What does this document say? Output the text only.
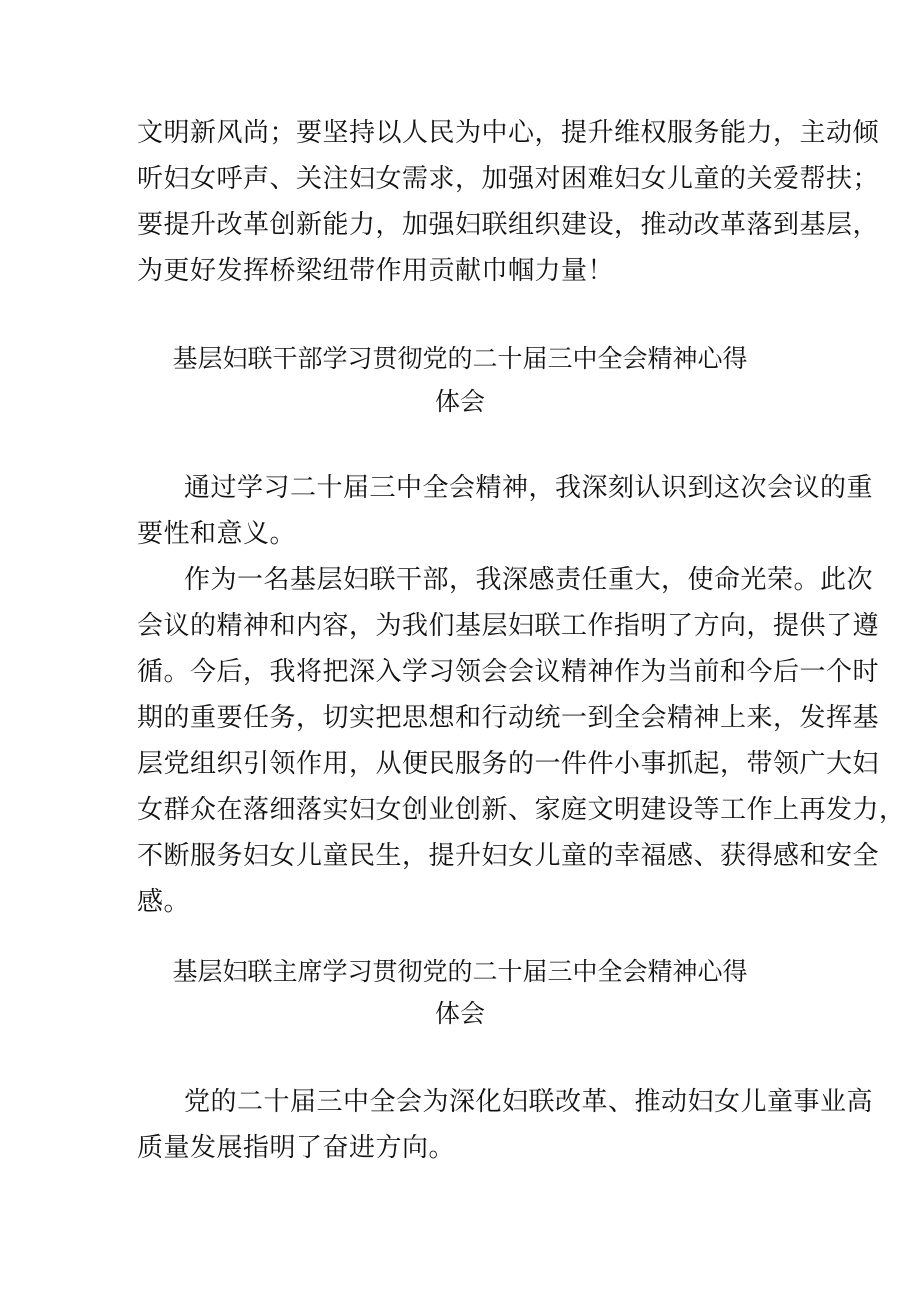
文明新风尚；要坚持以人民为中心，提升维权服务能力，主动倾
听妇女呼声、关注妇女需求，加强对困难妇女儿童的关爱帮扶；
要提升改革创新能力，加强妇联组织建设，推动改革落到基层，
为更好发挥桥梁纽带作用贡献巾帼力量！
基层妇联干部学习贯彻党的二十届三中全会精神心得
体会
通过学习二十届三中全会精神，我深刻认识到这次会议的重
要性和意义。
作为一名基层妇联干部，我深感责任重大，使命光荣。此次
会议的精神和内容，为我们基层妇联工作指明了方向，提供了遵
循。今后，我将把深入学习领会会议精神作为当前和今后一个时
期的重要任务，切实把思想和行动统一到全会精神上来，发挥基
层党组织引领作用，从便民服务的一件件小事抓起，带领广大妇
女群众在落细落实妇女创业创新、家庭文明建设等工作上再发力，
不断服务妇女儿童民生，提升妇女儿童的幸福感、获得感和安全
感。
基层妇联主席学习贯彻党的二十届三中全会精神心得
体会
党的二十届三中全会为深化妇联改革、推动妇女儿童事业高
质量发展指明了奋进方向。
